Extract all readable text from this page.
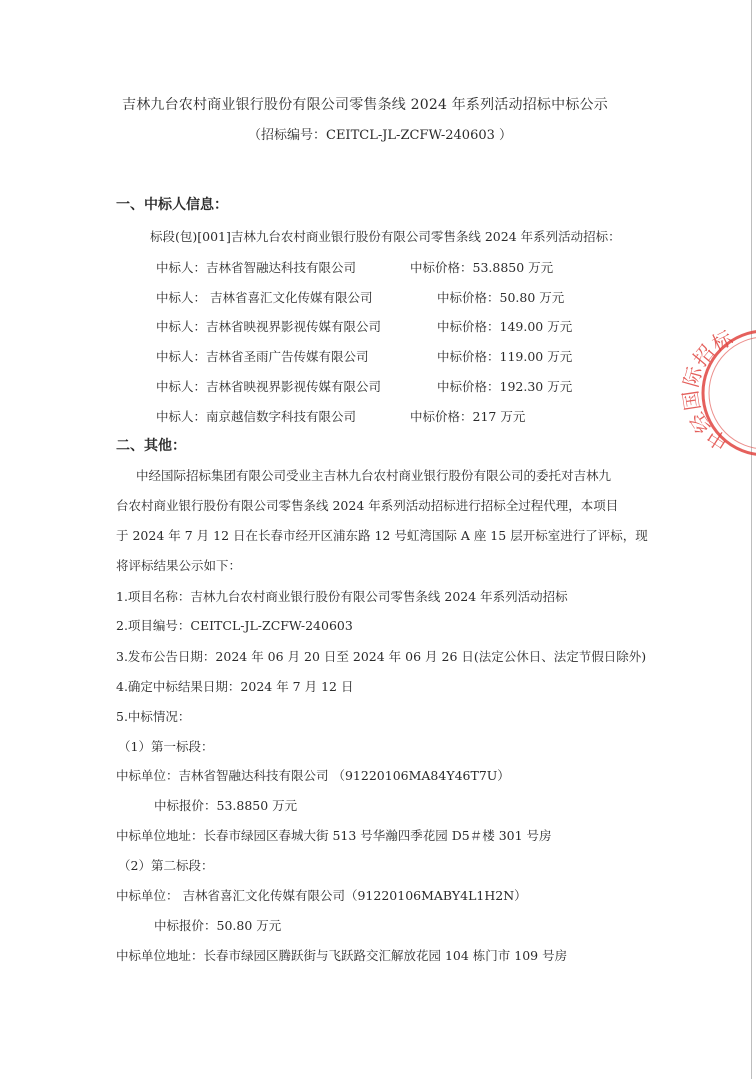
吉林九台农村商业银行股份有限公司零售条线 2024 年系列活动招标中标公示
（招标编号：CEITCL-JL-ZCFW-240603 ）
一、中标人信息：
标段(包)[001]吉林九台农村商业银行股份有限公司零售条线 2024 年系列活动招标：
中标人：吉林省智融达科技有限公司	中标价格：53.8850 万元
中标人： 吉林省喜汇文化传媒有限公司	中标价格：50.80 万元
中标人：吉林省映视界影视传媒有限公司	中标价格：149.00 万元
中标人：吉林省圣雨广告传媒有限公司	中标价格：119.00 万元
中标人：吉林省映视界影视传媒有限公司	中标价格：192.30 万元
中标人：南京越信数字科技有限公司	中标价格：217 万元
二、其他：
中经国际招标集团有限公司受业主吉林九台农村商业银行股份有限公司的委托对吉林九
台农村商业银行股份有限公司零售条线 2024 年系列活动招标进行招标全过程代理，本项目
于 2024 年 7 月 12 日在长春市经开区浦东路 12 号虹湾国际 A 座 15 层开标室进行了评标，现
将评标结果公示如下：
1.项目名称：吉林九台农村商业银行股份有限公司零售条线 2024 年系列活动招标
2.项目编号：CEITCL-JL-ZCFW-240603
3.发布公告日期：2024 年 06 月 20 日至 2024 年 06 月 26 日(法定公休日、法定节假日除外)
4.确定中标结果日期：2024 年 7 月 12 日
5.中标情况：
（1）第一标段：
中标单位：吉林省智融达科技有限公司 （91220106MA84Y46T7U）
中标报价：53.8850 万元
中标单位地址：长春市绿园区春城大街 513 号华瀚四季花园 D5＃楼 301 号房
（2）第二标段：
中标单位： 吉林省喜汇文化传媒有限公司（91220106MABY4L1H2N）
中标报价：50.80 万元
中标单位地址：长春市绿园区腾跃街与飞跃路交汇解放花园 104 栋门市 109 号房
中经国际招标
